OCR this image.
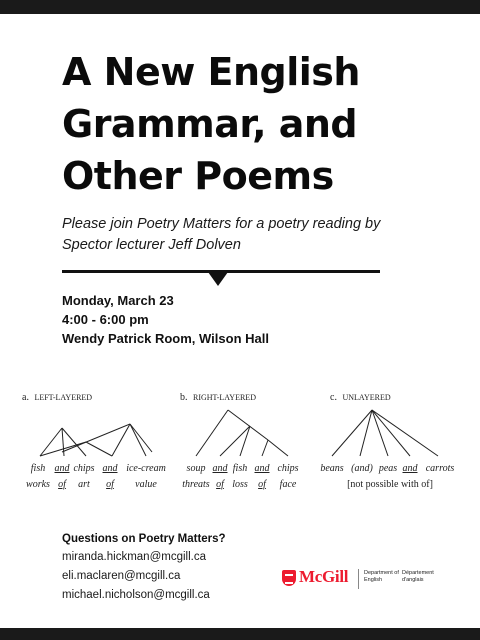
A New English
Grammar, and
Other Poems

Please join Poetry Matters for a poetry reading by Spector lecturer Jeff Dolven

Monday, March 23
4:00 - 6:00 pm
Wendy Patrick Room, Wilson Hall
a. LEFT-LAYERED	b. RIGHT-LAYERED	c. UNLAYERED
fish and chips and ice-cream
works of art of value
soup and fish and chips
threats of loss of face
beans (and) peas and carrots
[not possible with of]
Questions on Poetry Matters?
miranda.hickman@mcgill.ca
eli.maclaren@mcgill.ca
michael.nicholson@mcgill.ca
McGill	Department of
English
Département
d'anglais
